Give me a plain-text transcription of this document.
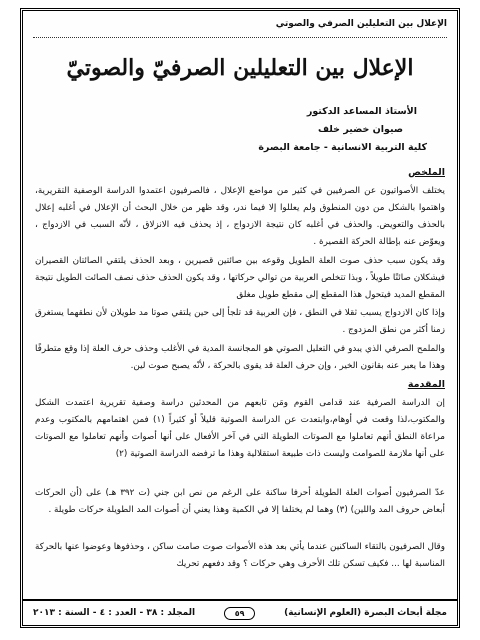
الإعلال بين التعليلين الصرفي والصوتي
الإعلال بين التعليلين الصرفيّ والصوتيّ
الأستاذ المساعد الدكتور
صيوان خضير خلف
كلية التربية الانسانية - جامعة البصرة
الملخص
يختلف الأصواتيون عن الصرفيين في كثير من مواضع الإعلال ، فالصرفيون اعتمدوا الدراسة الوصفية التقريرية، واهتموا بالشكل من دون المنطوق ولم يعللوا إلا فيما ندر، وقد ظهر من خلال البحث أن الإعلال في أغلبه إعلال بالحذف والتعويض. والحذف في أغلبه كان نتيجة الازدواج ، إذ يحذف فيه الانزلاق ، لأنّه السبب في الازدواج ، ويعوّض عنه بإطالة الحركة القصيرة .
وقد يكون سبب حذف صوت العلة الطويل وقوعه بين صائتين قصيرين ، وبعد الحذف يلتقي الصائتان القصيران فيشكلان صائتًا طويلاً ، وبذا تتخلص العربية من توالي حركاتها ، وقد يكون الحذف حذف نصف الصائت الطويل نتيجة المقطع المديد فيتحول هذا المقطع إلى مقطع طويل مغلق
وإذا كان الازدواج يسبب ثقلا في النطق ، فإن العربية قد تلجأ إلى حين يلتقي صوتا مد طويلان لأن نطقهما يستغرق زمنا أكثر من نطق المزدوج .
والملمح الصرفي الذي يبدو في التعليل الصوتي هو المجانسة المدية في الأغلب وحذف حرف العلة إذا وقع متطرفًا وهذا ما يعبر عنه بقانون الخير ، وإن حرف العلة قد يقوى بالحركة ، لأنّه يصبح صوت لين.
المقدمة
إن الدراسة الصرفية عند قدامى القوم ومَن تابعهم من المحدثين دراسة وصفية تقريرية اعتمدت الشكل والمكتوب،لذا وقعت في أوهام،وابتعدت عن الدراسة الصوتية قليلاً أو كثيراً (١) فمن اهتمامهم بالمكتوب وعدم مراعاة النطق أنهم تعاملوا مع الصوتات الطويلة التي في آخر الأفعال على أنها أصوات وأنهم تعاملوا مع الصوتات على أنها ملازمة للصوامت وليست ذات طبيعة استقلالية وهذا ما ترفضه الدراسة الصوتية (٢)
عدّ الصرفيون أصوات العلة الطويلة أحرفا ساكنة على الرغم من نص ابن جني (ت ٣٩٢ هـ) على (أن الحركات أبعاض حروف المد واللين) (٣) وهما لم يختلفا إلا في الكمية وهذا يعني أن أصوات المد الطويلة حركات طويلة .
وقال الصرفيون بالتقاء الساكنين عندما يأتي بعد هذه الأصوات صوت صامت ساكن ، وحذفوها وعوضوا عنها بالحركة المناسبة لها ... فكيف تسكن تلك الأحرف وهي حركات ؟ وقد دفعهم تحريك
مجلة أبحاث البصرة (العلوم الإنسانية)
٥٩
المجلد : ٣٨ - العدد : ٤ - السنة : ٢٠١٣
